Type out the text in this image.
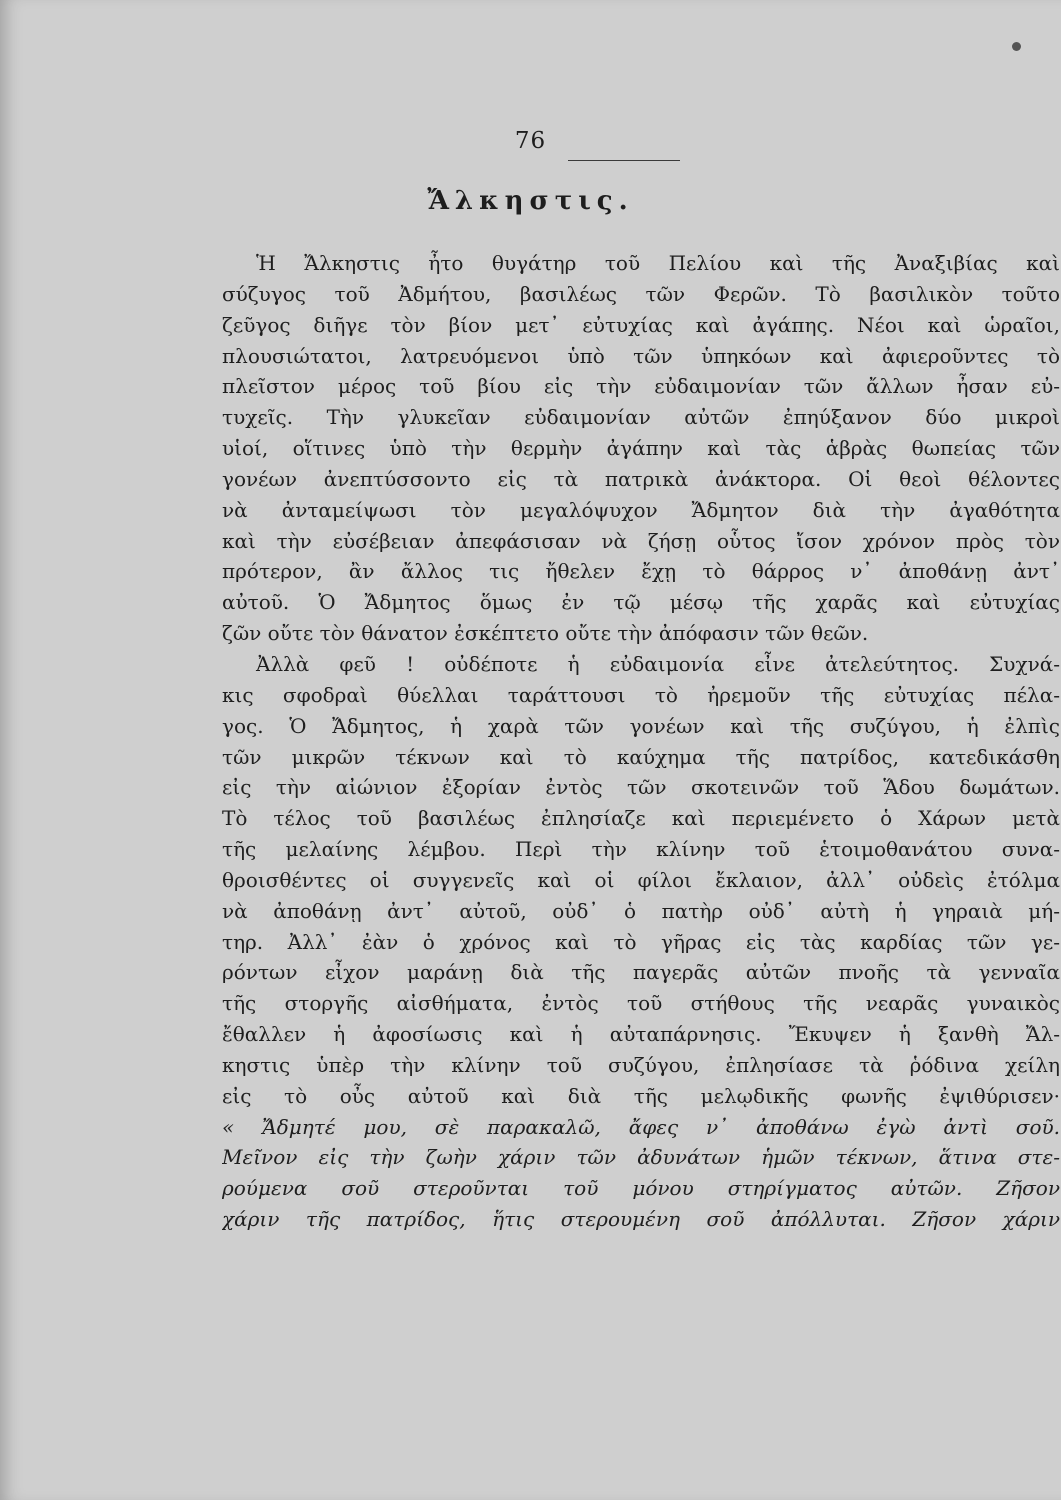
76
Ἄλκηστις.
Ἡ Ἄλκηστις ἦτο θυγάτηρ τοῦ Πελίου καὶ τῆς Ἀναξιβίας καὶ
σύζυγος τοῦ Ἀδμήτου, βασιλέως τῶν Φερῶν. Τὸ βασιλικὸν τοῦτο
ζεῦγος διῆγε τὸν βίον μετ᾽ εὐτυχίας καὶ ἀγάπης. Νέοι καὶ ὡραῖοι,
πλουσιώτατοι, λατρευόμενοι ὑπὸ τῶν ὑπηκόων καὶ ἀφιεροῦντες τὸ
πλεῖστον μέρος τοῦ βίου εἰς τὴν εὐδαιμονίαν τῶν ἄλλων ἦσαν εὐ-
τυχεῖς. Τὴν γλυκεῖαν εὐδαιμονίαν αὐτῶν ἐπηύξανον δύο μικροὶ
υἱοί, οἵτινες ὑπὸ τὴν θερμὴν ἀγάπην καὶ τὰς ἁβρὰς θωπείας τῶν
γονέων ἀνεπτύσσοντο εἰς τὰ πατρικὰ ἀνάκτορα. Οἱ θεοὶ θέλοντες
νὰ ἀνταμείψωσι τὸν μεγαλόψυχον Ἄδμητον διὰ τὴν ἀγαθότητα
καὶ τὴν εὐσέβειαν ἀπεφάσισαν νὰ ζήσῃ οὗτος ἴσον χρόνον πρὸς τὸν
πρότερον, ἂν ἄλλος τις ἤθελεν ἔχῃ τὸ θάρρος ν᾽ ἀποθάνῃ ἀντ᾽
αὐτοῦ. Ὁ Ἄδμητος ὅμως ἐν τῷ μέσῳ τῆς χαρᾶς καὶ εὐτυχίας
ζῶν οὔτε τὸν θάνατον ἐσκέπτετο οὔτε τὴν ἀπόφασιν τῶν θεῶν.
Ἀλλὰ φεῦ ! οὐδέποτε ἡ εὐδαιμονία εἶνε ἀτελεύτητος. Συχνά-
κις σφοδραὶ θύελλαι ταράττουσι τὸ ἠρεμοῦν τῆς εὐτυχίας πέλα-
γος. Ὁ Ἄδμητος, ἡ χαρὰ τῶν γονέων καὶ τῆς συζύγου, ἡ ἐλπὶς
τῶν μικρῶν τέκνων καὶ τὸ καύχημα τῆς πατρίδος, κατεδικάσθη
εἰς τὴν αἰώνιον ἐξορίαν ἐντὸς τῶν σκοτεινῶν τοῦ Ἅδου δωμάτων.
Τὸ τέλος τοῦ βασιλέως ἐπλησίαζε καὶ περιεμένετο ὁ Χάρων μετὰ
τῆς μελαίνης λέμβου. Περὶ τὴν κλίνην τοῦ ἑτοιμοθανάτου συνα-
θροισθέντες οἱ συγγενεῖς καὶ οἱ φίλοι ἔκλαιον, ἀλλ᾽ οὐδεὶς ἐτόλμα
νὰ ἀποθάνῃ ἀντ᾽ αὐτοῦ, οὐδ᾽ ὁ πατὴρ οὐδ᾽ αὐτὴ ἡ γηραιὰ μή-
τηρ. Ἀλλ᾽ ἐὰν ὁ χρόνος καὶ τὸ γῆρας εἰς τὰς καρδίας τῶν γε-
ρόντων εἶχον μαράνῃ διὰ τῆς παγερᾶς αὐτῶν πνοῆς τὰ γενναῖα
τῆς στοργῆς αἰσθήματα, ἐντὸς τοῦ στήθους τῆς νεαρᾶς γυναικὸς
ἔθαλλεν ἡ ἀφοσίωσις καὶ ἡ αὐταπάρνησις. Ἔκυψεν ἡ ξανθὴ Ἄλ-
κηστις ὑπὲρ τὴν κλίνην τοῦ συζύγου, ἐπλησίασε τὰ ῥόδινα χείλη
εἰς τὸ οὖς αὐτοῦ καὶ διὰ τῆς μελῳδικῆς φωνῆς ἐψιθύρισεν·
« Ἄδμητέ μου, σὲ παρακαλῶ, ἄφες ν᾽ ἀποθάνω ἐγὼ ἀντὶ σοῦ.
Μεῖνον εἰς τὴν ζωὴν χάριν τῶν ἀδυνάτων ἡμῶν τέκνων, ἅτινα στε-
ρούμενα σοῦ στεροῦνται τοῦ μόνου στηρίγματος αὐτῶν. Ζῆσον
χάριν τῆς πατρίδος, ἥτις στερουμένη σοῦ ἀπόλλυται. Ζῆσον χάριν
